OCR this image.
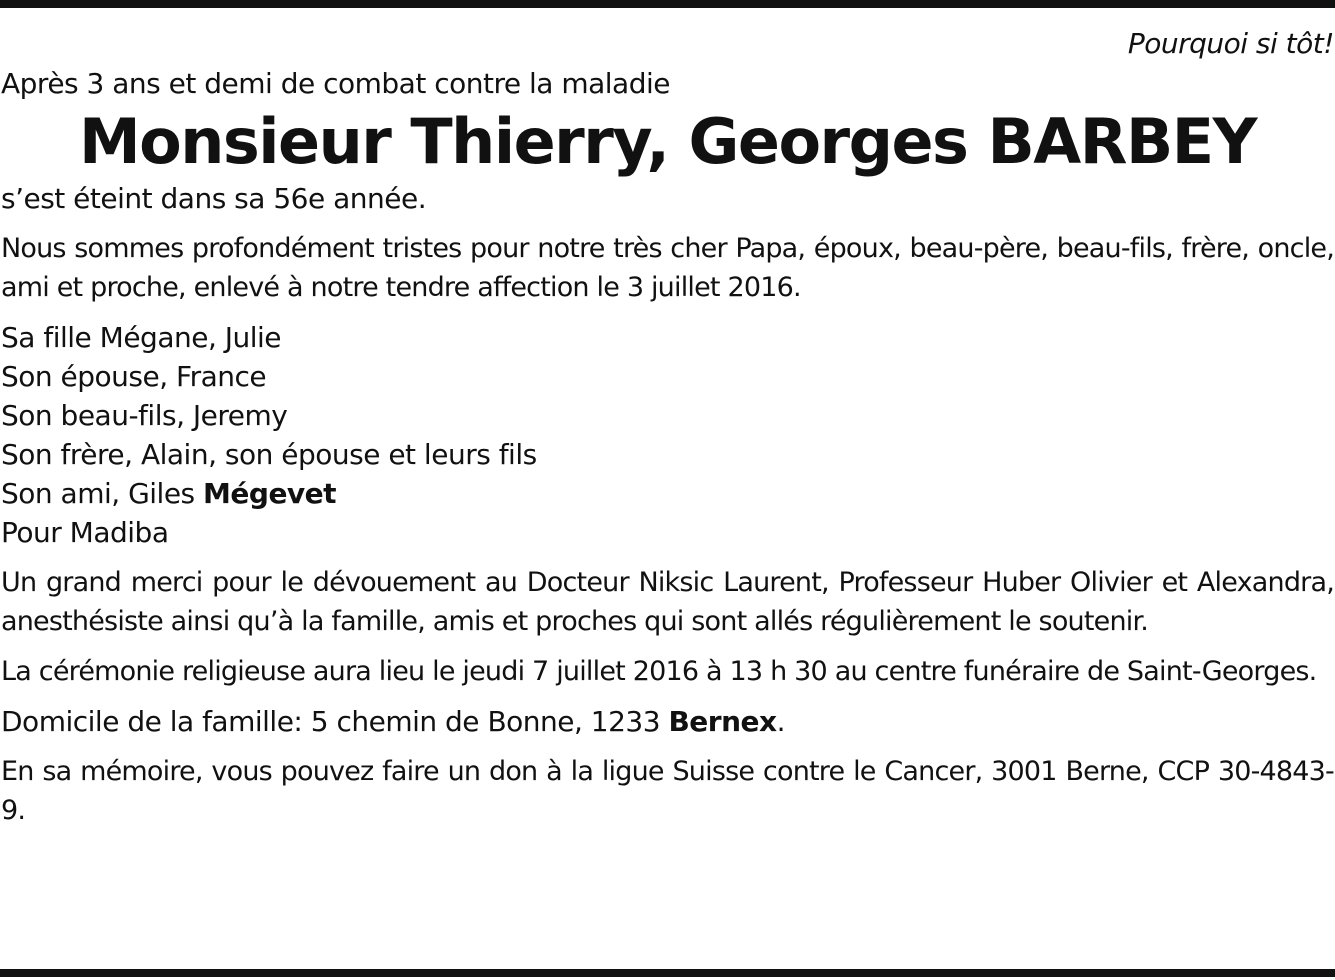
Pourquoi si tôt!
Après 3 ans et demi de combat contre la maladie
Monsieur Thierry, Georges BARBEY
s’est éteint dans sa 56e année.
Nous sommes profondément tristes pour notre très cher Papa, époux, beau-père, beau-fils, frère, oncle, ami et proche, enlevé à notre tendre affection le 3 juillet 2016.
Sa fille Mégane, Julie
Son épouse, France
Son beau-fils, Jeremy
Son frère, Alain, son épouse et leurs fils
Son ami, Giles Mégevet
Pour Madiba
Un grand merci pour le dévouement au Docteur Niksic Laurent, Professeur Huber Olivier et Alexandra, anesthésiste ainsi qu’à la famille, amis et proches qui sont allés régulièrement le soutenir.
La cérémonie religieuse aura lieu le jeudi 7 juillet 2016 à 13 h 30 au centre funéraire de Saint-Georges.
Domicile de la famille: 5 chemin de Bonne, 1233 Bernex.
En sa mémoire, vous pouvez faire un don à la ligue Suisse contre le Cancer, 3001 Berne, CCP 30-4843-9.
